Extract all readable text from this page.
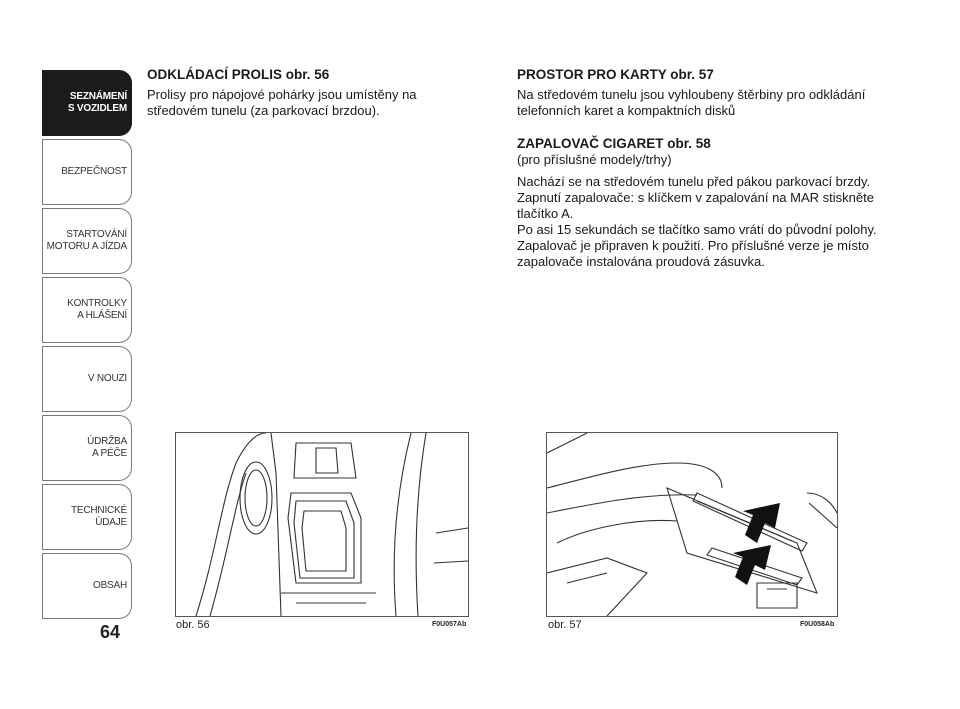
SEZNÁMENÍ
S VOZIDLEM
BEZPEČNOST
STARTOVÁNÍ
MOTORU A JÍZDA
KONTROLKY
A HLÁŠENÍ
V NOUZI
ÚDRŽBA
A PÉČE
TECHNICKÉ
ÚDAJE
OBSAH
64
ODKLÁDACÍ PROLIS obr. 56

Prolisy pro nápojové pohárky jsou umístěny na středovém tunelu (za parkovací brzdou).

PROSTOR PRO KARTY obr. 57

Na středovém tunelu jsou vyhloubeny štěrbiny pro odkládání telefonních karet a kompaktních disků

ZAPALOVAČ CIGARET obr. 58

(pro příslušné modely/trhy)

Nachází se na středovém tunelu před pákou parkovací brzdy. Zapnutí zapalovače: s klíčkem v zapalování na MAR stiskněte tlačítko A.
Po asi 15 sekundách se tlačítko samo vrátí do původní polohy. Zapalovač je připraven k použití. Pro příslušné verze je místo zapalovače instalována proudová zásuvka.

obr. 56	F0U057Ab	obr. 57	F0U058Ab
